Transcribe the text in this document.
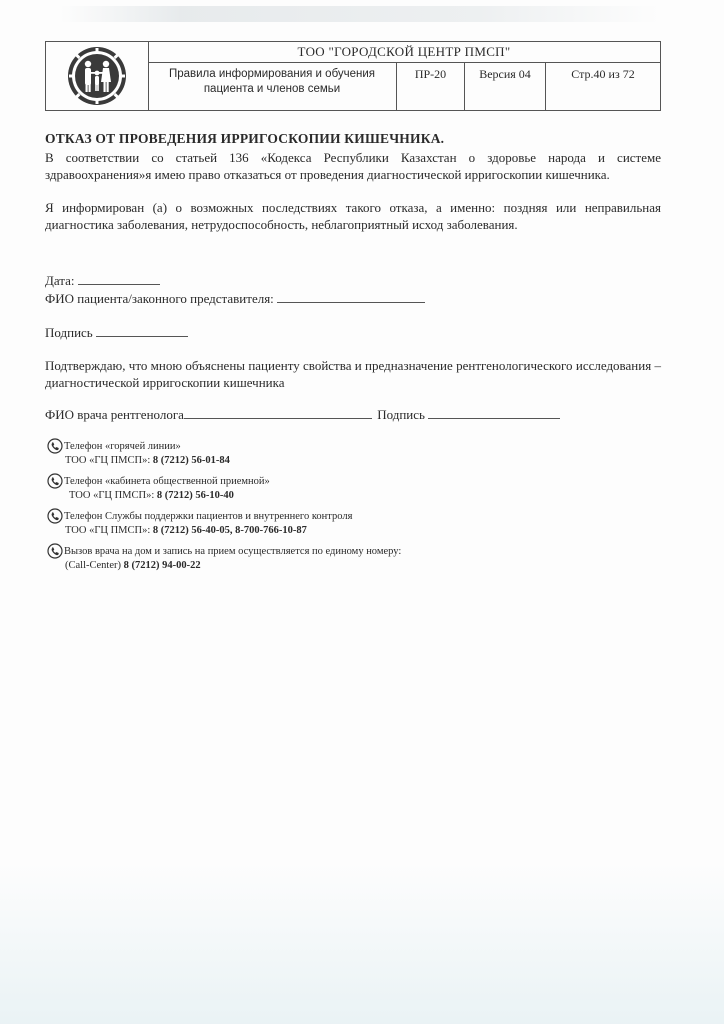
ТОО "ГОРОДСКОЙ ЦЕНТР ПМСП"
Правила информирования и обучения
пациента и членов семьи
ПР-20	Версия 04	Стр.40 из 72
ОТКАЗ ОТ ПРОВЕДЕНИЯ ИРРИГОСКОПИИ КИШЕЧНИКА.
В соответствии со статьей 136 «Кодекса Республики Казахстан о здоровье народа и системе здравоохранения»я имею право отказаться от проведения диагностической ирригоскопии кишечника.
Я информирован (а) о возможных последствиях такого отказа, а именно: поздняя или неправильная диагностика заболевания, нетрудоспособность, неблагоприятный исход заболевания.
Дата:
ФИО пациента/законного представителя:
Подпись
Подтверждаю, что мною объяснены пациенту свойства и предназначение рентгенологического исследования – диагностической ирригоскопии кишечника
ФИО врача рентгенолога	Подпись
Телефон «горячей линии»
ТОО «ГЦ ПМСП»: 8 (7212) 56-01-84
Телефон «кабинета общественной приемной»
ТОО «ГЦ ПМСП»: 8 (7212) 56-10-40
Телефон Службы поддержки пациентов и внутреннего контроля
ТОО «ГЦ ПМСП»: 8 (7212) 56-40-05, 8-700-766-10-87
Вызов врача на дом и запись на прием осуществляется по единому номеру:
(Call-Center) 8 (7212) 94-00-22
